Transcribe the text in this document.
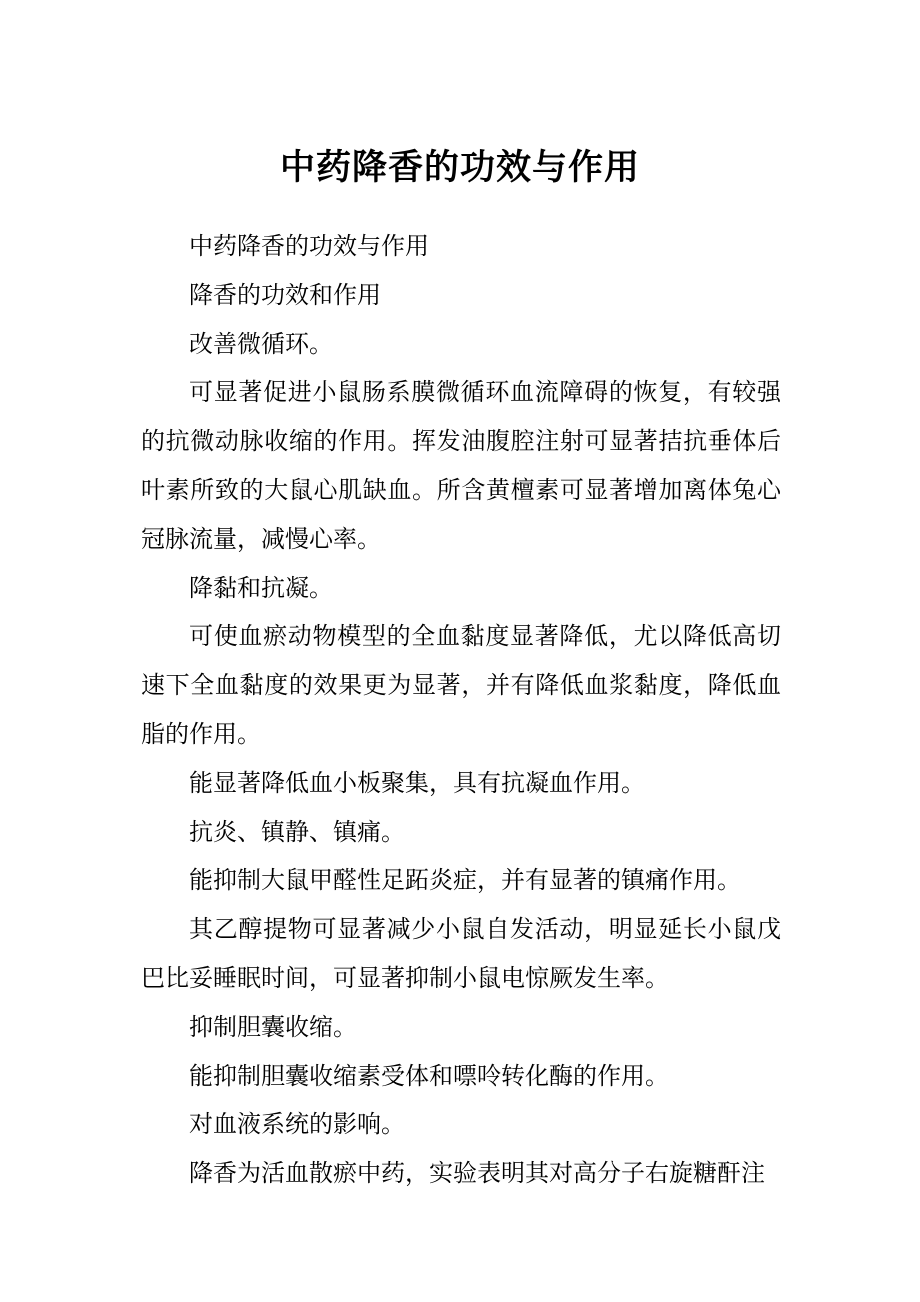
中药降香的功效与作用

中药降香的功效与作用

降香的功效和作用

改善微循环。

可显著促进小鼠肠系膜微循环血流障碍的恢复，有较强的抗微动脉收缩的作用。挥发油腹腔注射可显著拮抗垂体后叶素所致的大鼠心肌缺血。所含黄檀素可显著增加离体兔心冠脉流量，减慢心率。

降黏和抗凝。

可使血瘀动物模型的全血黏度显著降低，尤以降低高切速下全血黏度的效果更为显著，并有降低血浆黏度，降低血脂的作用。

能显著降低血小板聚集，具有抗凝血作用。

抗炎、镇静、镇痛。

能抑制大鼠甲醛性足跖炎症，并有显著的镇痛作用。

其乙醇提物可显著减少小鼠自发活动，明显延长小鼠戊巴比妥睡眠时间，可显著抑制小鼠电惊厥发生率。

抑制胆囊收缩。

能抑制胆囊收缩素受体和嘌呤转化酶的作用。

对血液系统的影响。

降香为活血散瘀中药，实验表明其对高分子右旋糖酐注
